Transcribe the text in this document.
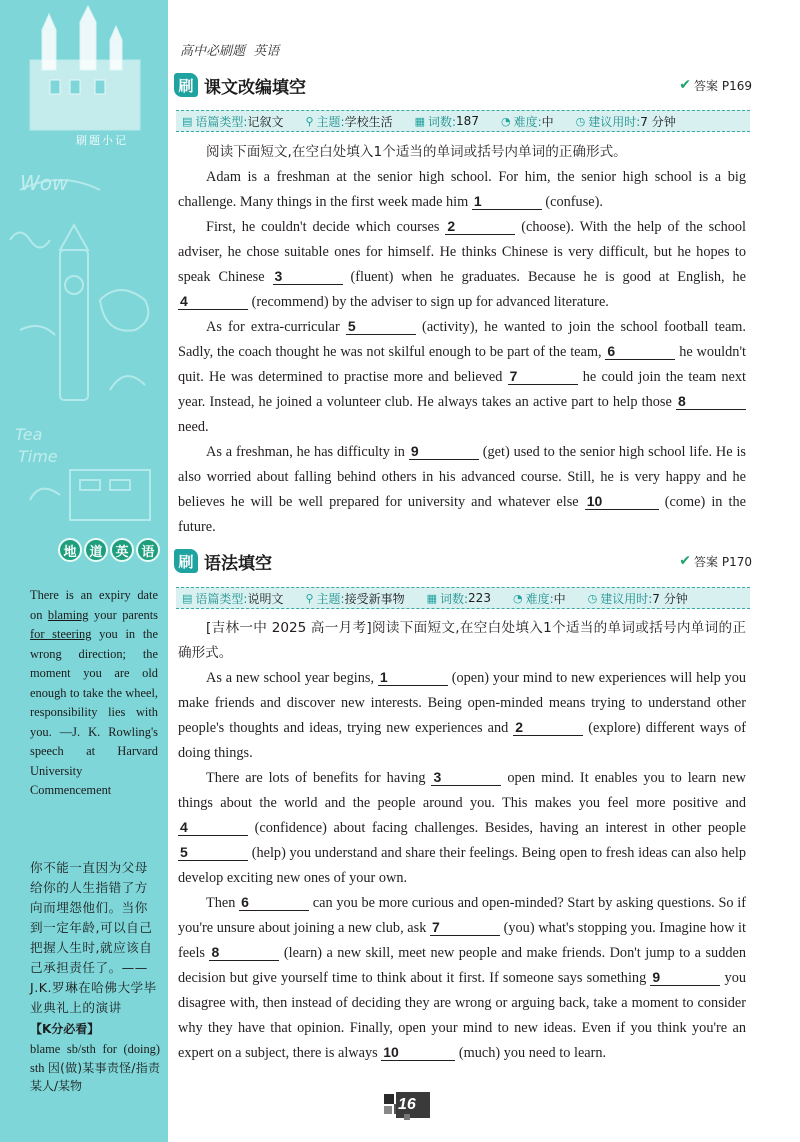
Wow
Tea
Time
刷题小记
地 道 英 语
There is an expiry date on blaming your parents for steering you in the wrong direction; the moment you are old enough to take the wheel, responsibility lies with you. —J. K. Rowling's speech at Harvard University Commencement
你不能一直因为父母给你的人生指错了方向而埋怨他们。当你到一定年龄,可以自己把握人生时,就应该自己承担责任了。——J.K.罗琳在哈佛大学毕业典礼上的演讲
【K分必看】
blame sb/sth for (doing) sth 因(做)某事责怪/指责某人/某物
高中必刷题 英语
刷 课文改编填空	✔ 答案 P169
▤ 语篇类型: 记叙文 ⚲ 主题: 学校生活 ▦ 词数: 187 ◔ 难度: 中 ◷ 建议用时: 7 分钟
阅读下面短文,在空白处填入1个适当的单词或括号内单词的正确形式。
Adam is a freshman at the senior high school. For him, the senior high school is a big challenge. Many things in the first week made him 1	(confuse).
First, he couldn't decide which courses 2	(choose). With the help of the school adviser, he chose suitable ones for himself. He thinks Chinese is very difficult, but he hopes to speak Chinese 3	(fluent) when he graduates. Because he is good at English, he 4	(recommend) by the adviser to sign up for advanced literature.
As for extra-curricular 5	(activity), he wanted to join the school football team. Sadly, the coach thought he was not skilful enough to be part of the team, 6	he wouldn't quit. He was determined to practise more and believed 7	he could join the team next year. Instead, he joined a volunteer club. He always takes an active part to help those 8 need.
As a freshman, he has difficulty in 9	(get) used to the senior high school life. He is also worried about falling behind others in his advanced course. Still, he is very happy and he believes he will be well prepared for university and whatever else 10	(come) in the future.
刷 语法填空	✔ 答案 P170
▤ 语篇类型: 说明文 ⚲ 主题: 接受新事物 ▦ 词数: 223 ◔ 难度: 中 ◷ 建议用时: 7 分钟
[吉林一中 2025 高一月考]阅读下面短文,在空白处填入1个适当的单词或括号内单词的正确形式。
As a new school year begins, 1	(open) your mind to new experiences will help you make friends and discover new interests. Being open-minded means trying to understand other people's thoughts and ideas, trying new experiences and 2	(explore) different ways of doing things.
There are lots of benefits for having 3	open mind. It enables you to learn new things about the world and the people around you. This makes you feel more positive and 4	(confidence) about facing challenges. Besides, having an interest in other people 5	(help) you understand and share their feelings. Being open to fresh ideas can also help develop exciting new ones of your own.
Then 6	can you be more curious and open-minded? Start by asking questions. So if you're unsure about joining a new club, ask 7	(you) what's stopping you. Imagine how it feels 8	(learn) a new skill, meet new people and make friends. Don't jump to a sudden decision but give yourself time to think about it first. If someone says something 9	you disagree with, then instead of deciding they are wrong or arguing back, take a moment to consider why they have that opinion. Finally, open your mind to new ideas. Even if you think you're an expert on a subject, there is always 10	(much) you need to learn.
16
